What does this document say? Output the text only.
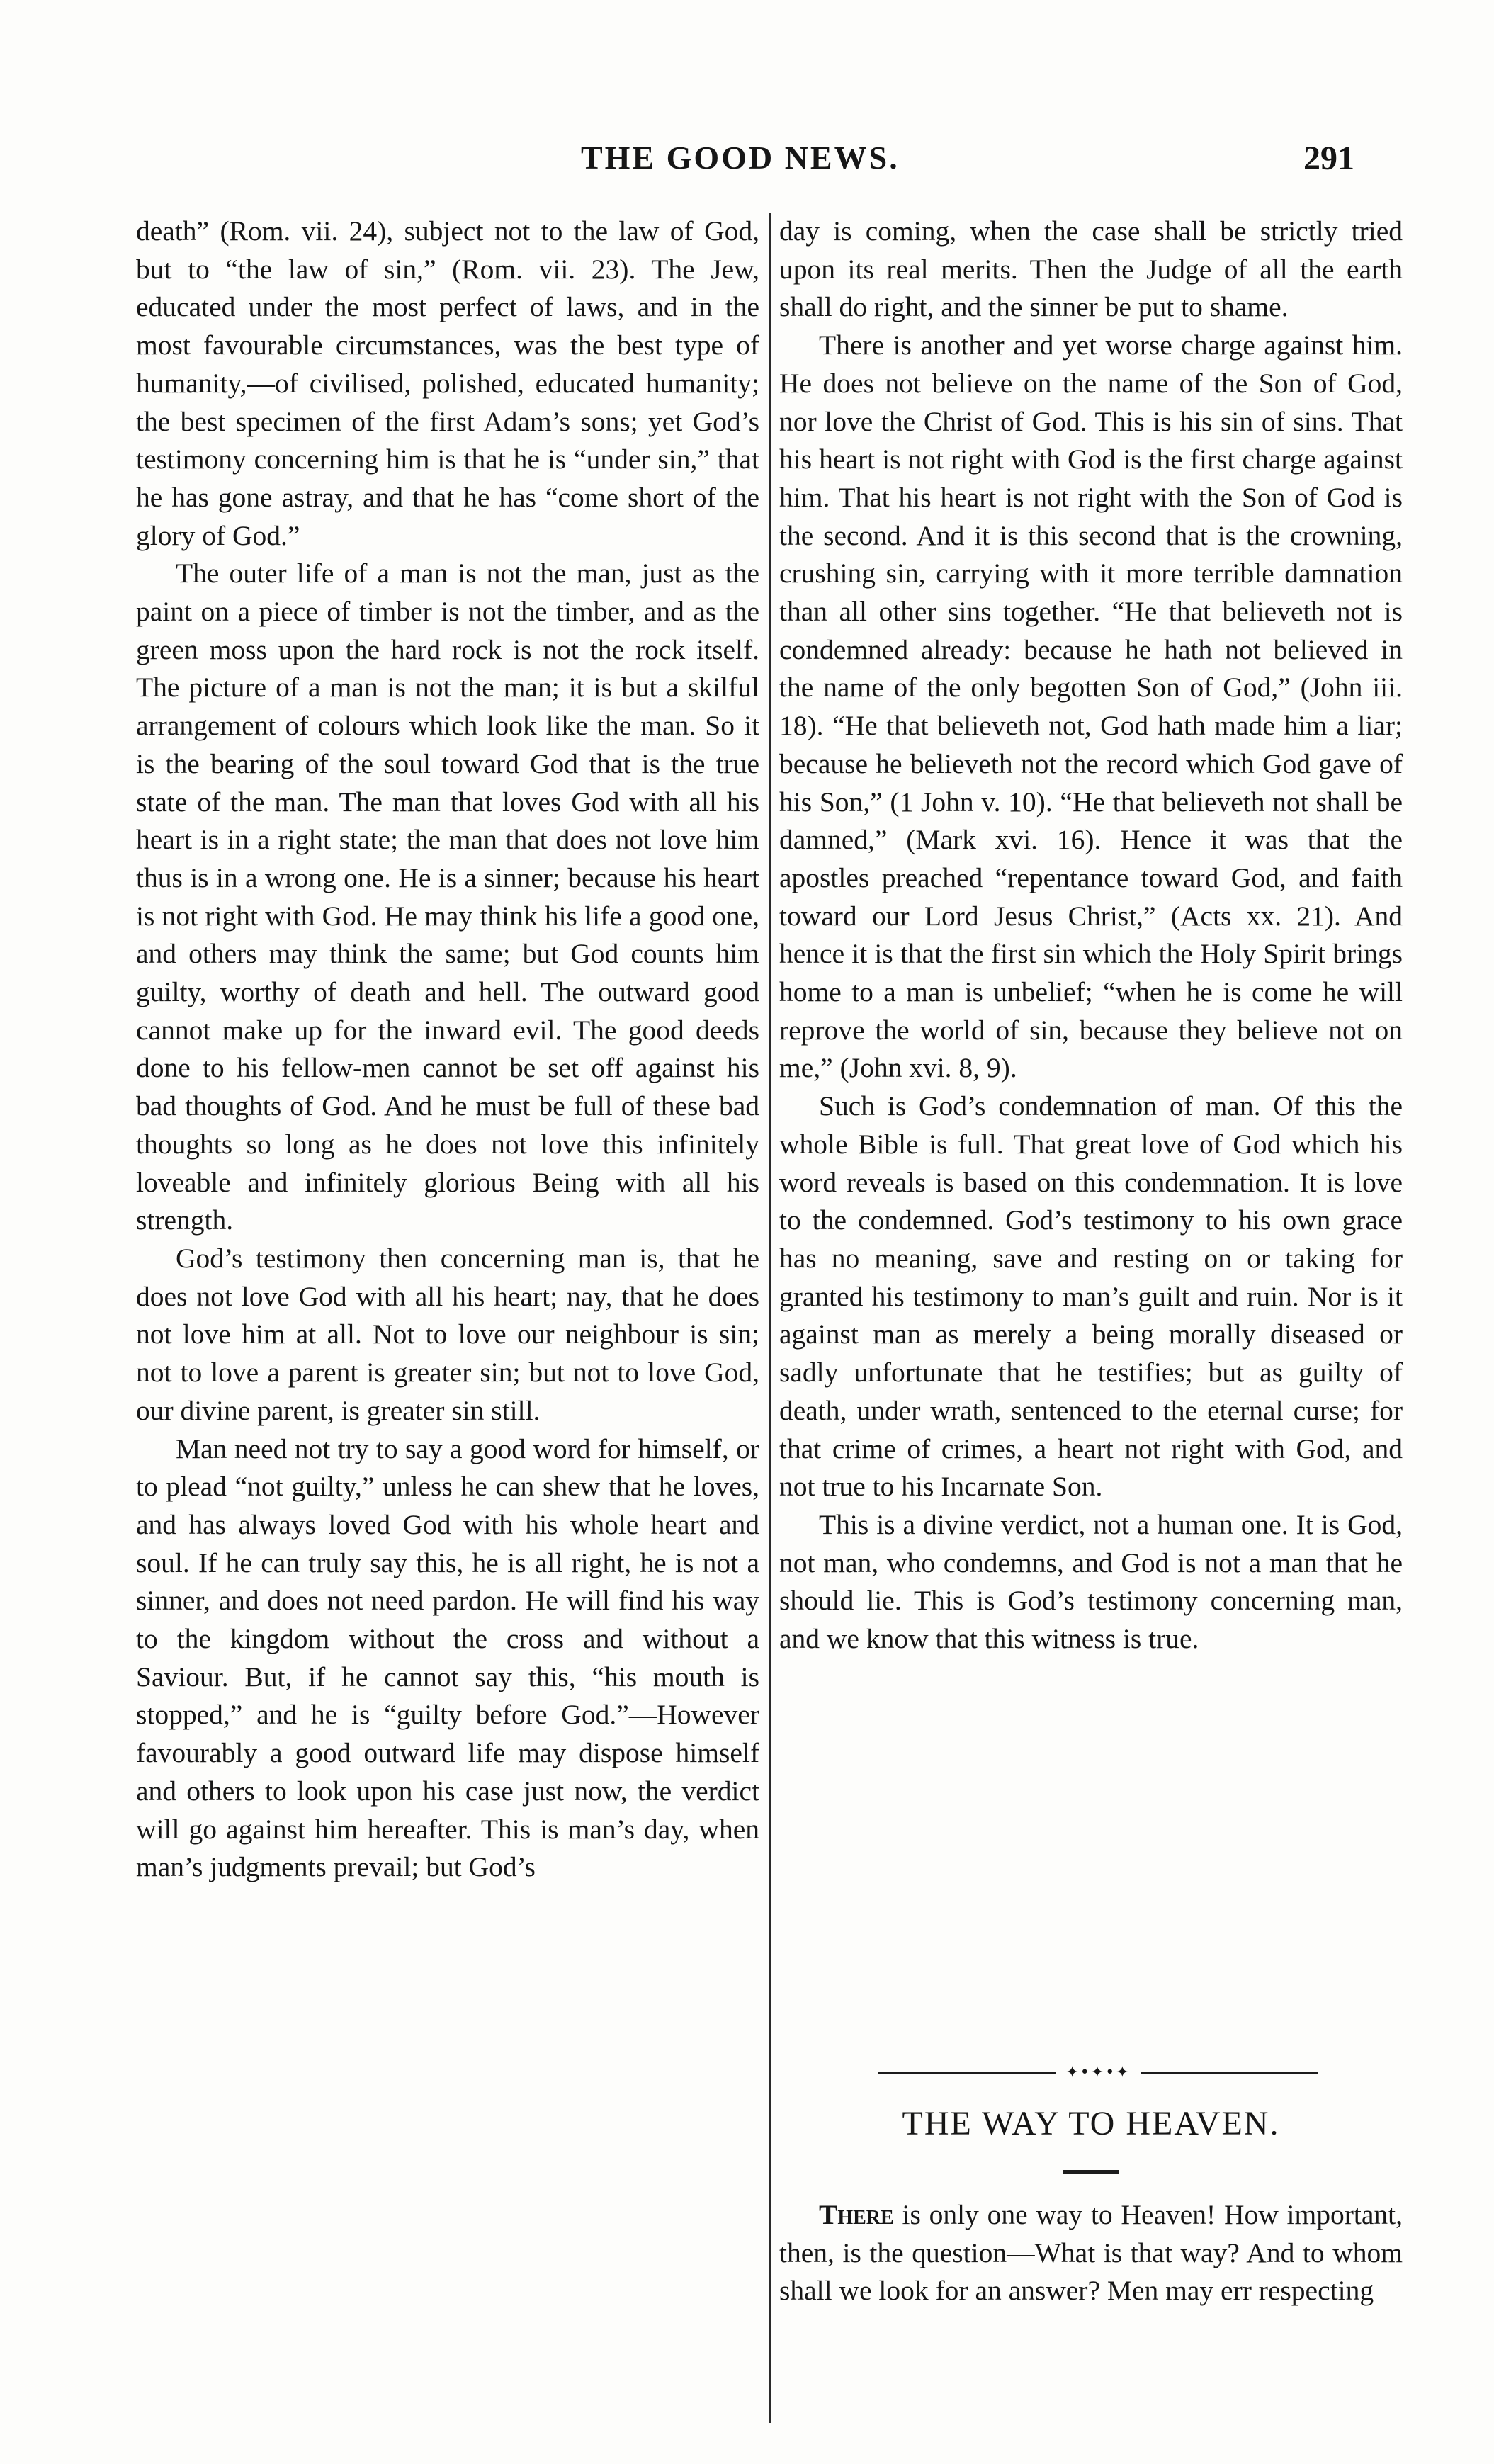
THE GOOD NEWS.	291

death” (Rom. vii. 24), subject not to the law of God, but to “the law of sin,” (Rom. vii. 23). The Jew, educated under the most perfect of laws, and in the most favourable circumstances, was the best type of humanity,—of civilised, polished, educated humanity; the best specimen of the first Adam’s sons; yet God’s testimony concerning him is that he is “under sin,” that he has gone astray, and that he has “come short of the glory of God.”

The outer life of a man is not the man, just as the paint on a piece of timber is not the timber, and as the green moss upon the hard rock is not the rock itself. The picture of a man is not the man; it is but a skilful arrangement of colours which look like the man. So it is the bearing of the soul toward God that is the true state of the man. The man that loves God with all his heart is in a right state; the man that does not love him thus is in a wrong one. He is a sinner; because his heart is not right with God. He may think his life a good one, and others may think the same; but God counts him guilty, worthy of death and hell. The outward good cannot make up for the inward evil. The good deeds done to his fellow-men cannot be set off against his bad thoughts of God. And he must be full of these bad thoughts so long as he does not love this infinitely loveable and infinitely glorious Being with all his strength.

God’s testimony then concerning man is, that he does not love God with all his heart; nay, that he does not love him at all. Not to love our neighbour is sin; not to love a parent is greater sin; but not to love God, our divine parent, is greater sin still.

Man need not try to say a good word for himself, or to plead “not guilty,” unless he can shew that he loves, and has always loved God with his whole heart and soul. If he can truly say this, he is all right, he is not a sinner, and does not need pardon. He will find his way to the kingdom without the cross and without a Saviour. But, if he cannot say this, “his mouth is stopped,” and he is “guilty before God.”—However favourably a good outward life may dispose himself and others to look upon his case just now, the verdict will go against him hereafter. This is man’s day, when man’s judgments prevail; but God’s

day is coming, when the case shall be strictly tried upon its real merits. Then the Judge of all the earth shall do right, and the sinner be put to shame.

There is another and yet worse charge against him. He does not believe on the name of the Son of God, nor love the Christ of God. This is his sin of sins. That his heart is not right with God is the first charge against him. That his heart is not right with the Son of God is the second. And it is this second that is the crowning, crushing sin, carrying with it more terrible damnation than all other sins together. “He that believeth not is condemned already: because he hath not believed in the name of the only begotten Son of God,” (John iii. 18). “He that believeth not, God hath made him a liar; because he believeth not the record which God gave of his Son,” (1 John v. 10). “He that believeth not shall be damned,” (Mark xvi. 16). Hence it was that the apostles preached “repentance toward God, and faith toward our Lord Jesus Christ,” (Acts xx. 21). And hence it is that the first sin which the Holy Spirit brings home to a man is unbelief; “when he is come he will reprove the world of sin, because they believe not on me,” (John xvi. 8, 9).

Such is God’s condemnation of man. Of this the whole Bible is full. That great love of God which his word reveals is based on this condemnation. It is love to the condemned. God’s testimony to his own grace has no meaning, save and resting on or taking for granted his testimony to man’s guilt and ruin. Nor is it against man as merely a being morally diseased or sadly unfortunate that he testifies; but as guilty of death, under wrath, sentenced to the eternal curse; for that crime of crimes, a heart not right with God, and not true to his Incarnate Son.

This is a divine verdict, not a human one. It is God, not man, who condemns, and God is not a man that he should lie. This is God’s testimony concerning man, and we know that this witness is true.

✦•✦•✦
THE WAY TO HEAVEN.

There is only one way to Heaven! How important, then, is the question—What is that way? And to whom shall we look for an answer? Men may err respecting
